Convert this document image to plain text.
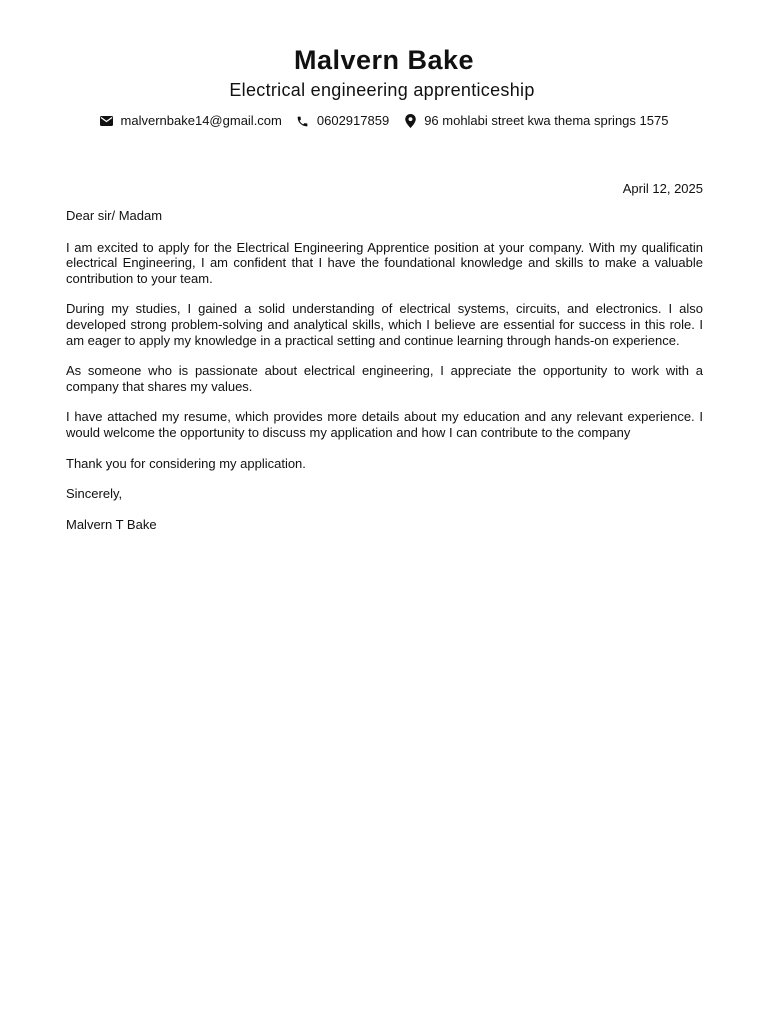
Malvern Bake
Electrical engineering apprenticeship
malvernbake14@gmail.com	0602917859	96 mohlabi street kwa thema springs 1575
April 12, 2025

Dear sir/ Madam

I am excited to apply for the Electrical Engineering Apprentice position at your company. With my qualificatin electrical Engineering, I am confident that I have the foundational knowledge and skills to make a valuable contribution to your team.

During my studies, I gained a solid understanding of electrical systems, circuits, and electronics. I also developed strong problem-solving and analytical skills, which I believe are essential for success in this role. I am eager to apply my knowledge in a practical setting and continue learning through hands-on experience.

As someone who is passionate about electrical engineering, I appreciate the opportunity to work with a company that shares my values.

I have attached my resume, which provides more details about my education and any relevant experience. I would welcome the opportunity to discuss my application and how I can contribute to the company

Thank you for considering my application.

Sincerely,

Malvern T Bake
